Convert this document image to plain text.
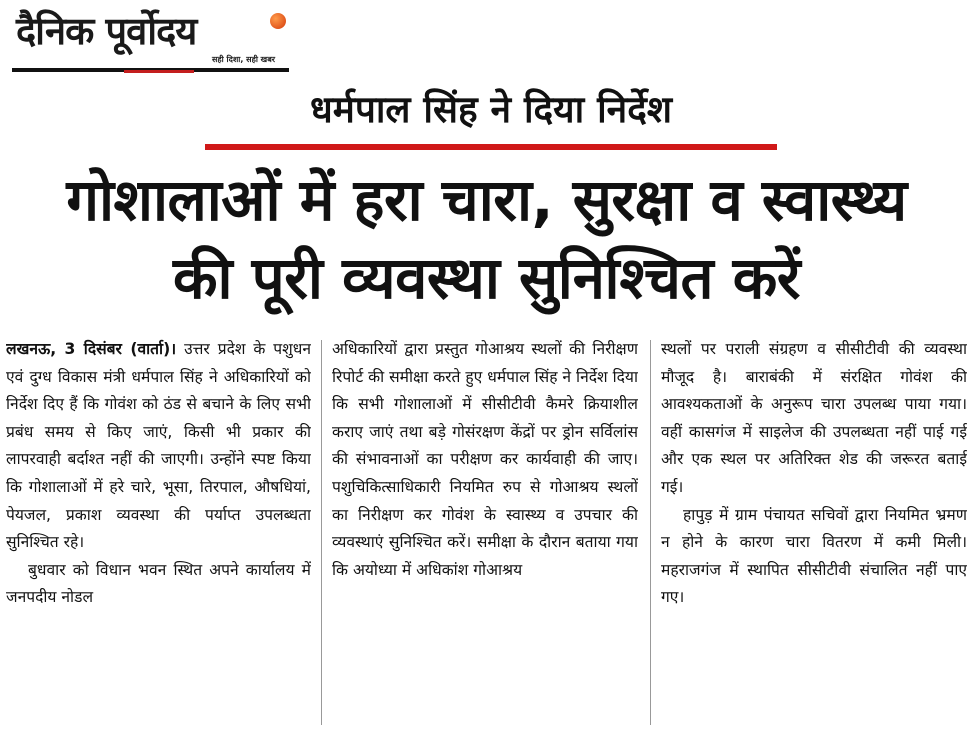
दैनिक पूर्वोदय
सही दिशा, सही खबर
धर्मपाल सिंह ने दिया निर्देश
गोशालाओं में हरा चारा, सुरक्षा व स्वास्थ्य
की पूरी व्यवस्था सुनिश्चित करें

लखनऊ, 3 दिसंबर (वार्ता)। उत्तर प्रदेश के पशुधन एवं दुग्ध विकास मंत्री धर्मपाल सिंह ने अधिकारियों को निर्देश दिए हैं कि गोवंश को ठंड से बचाने के लिए सभी प्रबंध समय से किए जाएं, किसी भी प्रकार की लापरवाही बर्दाश्त नहीं की जाएगी। उन्होंने स्पष्ट किया कि गोशालाओं में हरे चारे, भूसा, तिरपाल, औषधियां, पेयजल, प्रकाश व्यवस्था की पर्याप्त उपलब्धता सुनिश्चित रहे।

बुधवार को विधान भवन स्थित अपने कार्यालय में जनपदीय नोडल

अधिकारियों द्वारा प्रस्तुत गोआश्रय स्थलों की निरीक्षण रिपोर्ट की समीक्षा करते हुए धर्मपाल सिंह ने निर्देश दिया कि सभी गोशालाओं में सीसीटीवी कैमरे क्रियाशील कराए जाएं तथा बड़े गोसंरक्षण केंद्रों पर ड्रोन सर्विलांस की संभावनाओं का परीक्षण कर कार्यवाही की जाए। पशुचिकित्साधिकारी नियमित रुप से गोआश्रय स्थलों का निरीक्षण कर गोवंश के स्वास्थ्य व उपचार की व्यवस्थाएं सुनिश्चित करें। समीक्षा के दौरान बताया गया कि अयोध्या में अधिकांश गोआश्रय

स्थलों पर पराली संग्रहण व सीसीटीवी की व्यवस्था मौजूद है। बाराबंकी में संरक्षित गोवंश की आवश्यकताओं के अनुरूप चारा उपलब्ध पाया गया। वहीं कासगंज में साइलेज की उपलब्धता नहीं पाई गई और एक स्थल पर अतिरिक्त शेड की जरूरत बताई गई।

हापुड़ में ग्राम पंचायत सचिवों द्वारा नियमित भ्रमण न होने के कारण चारा वितरण में कमी मिली। महराजगंज में स्थापित सीसीटीवी संचालित नहीं पाए गए।
